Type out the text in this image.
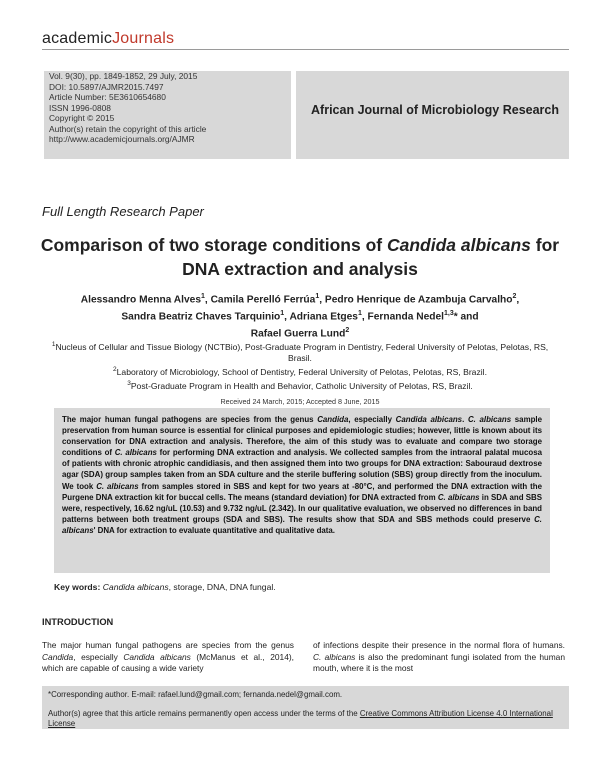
academicJournals
Vol. 9(30), pp. 1849-1852, 29 July, 2015
DOI: 10.5897/AJMR2015.7497
Article Number: 5E3610654680
ISSN 1996-0808
Copyright © 2015
Author(s) retain the copyright of this article
http://www.academicjournals.org/AJMR
African Journal of Microbiology Research
Full Length Research Paper
Comparison of two storage conditions of Candida albicans for DNA extraction and analysis
Alessandro Menna Alves$^1$, Camila Perelló Ferrúa$^1$, Pedro Henrique de Azambuja Carvalho$^2$,
Sandra Beatriz Chaves Tarquinio$^1$, Adriana Etges$^1$, Fernanda Nedel$^{1,3}$* and
Rafael Guerra Lund$^2$
$^1$Nucleus of Cellular and Tissue Biology (NCTBio), Post-Graduate Program in Dentistry, Federal University of Pelotas, Pelotas, RS, Brasil.
$^2$Laboratory of Microbiology, School of Dentistry, Federal University of Pelotas, Pelotas, RS, Brazil.
$^3$Post-Graduate Program in Health and Behavior, Catholic University of Pelotas, RS, Brazil.
Received 24 March, 2015; Accepted 8 June, 2015
The major human fungal pathogens are species from the genus Candida, especially Candida albicans. C. albicans sample preservation from human source is essential for clinical purposes and epidemiologic studies; however, little is known about its conservation for DNA extraction and analysis. Therefore, the aim of this study was to evaluate and compare two storage conditions of C. albicans for performing DNA extraction and analysis. We collected samples from the intraoral palatal mucosa of patients with chronic atrophic candidiasis, and then assigned them into two groups for DNA extraction: Sabouraud dextrose agar (SDA) group samples taken from an SDA culture and the sterile buffering solution (SBS) group directly from the inoculum. We took C. albicans from samples stored in SBS and kept for two years at -80°C, and performed the DNA extraction with the Purgene DNA extraction kit for buccal cells. The means (standard deviation) for DNA extracted from C. albicans in SDA and SBS were, respectively, 16.62 ng/uL (10.53) and 9.732 ng/uL (2.342). In our qualitative evaluation, we observed no differences in band patterns between both treatment groups (SDA and SBS). The results show that SDA and SBS methods could preserve C. albicans' DNA for extraction to evaluate quantitative and qualitative data.
Key words: Candida albicans, storage, DNA, DNA fungal.
INTRODUCTION
The major human fungal pathogens are species from the genus Candida, especially Candida albicans (McManus et al., 2014), which are capable of causing a wide variety
of infections despite their presence in the normal flora of humans. C. albicans is also the predominant fungi isolated from the human mouth, where it is the most
*Corresponding author. E-mail: rafael.lund@gmail.com; fernanda.nedel@gmail.com.
Author(s) agree that this article remains permanently open access under the terms of the Creative Commons Attribution License 4.0 International License
